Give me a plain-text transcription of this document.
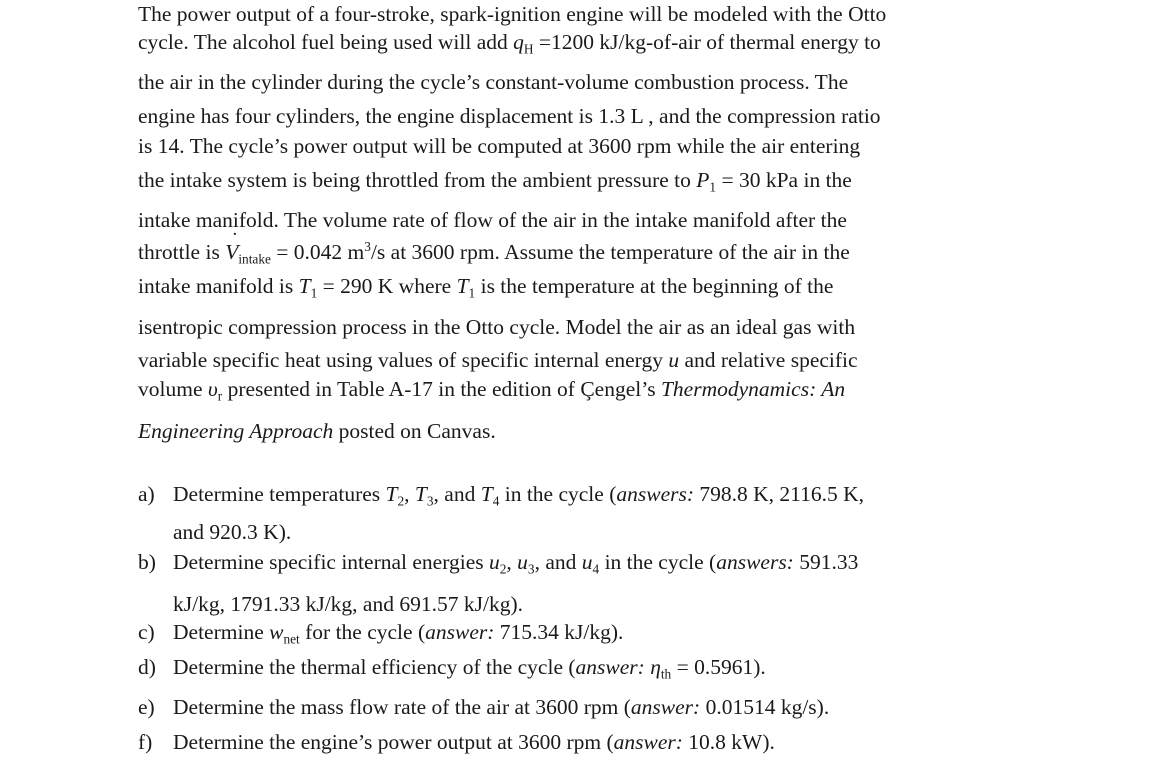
The power output of a four-stroke, spark-ignition engine will be modeled with the Otto
cycle. The alcohol fuel being used will add $q_H =1200$ kJ/kg-of-air of thermal energy to
the air in the cylinder during the cycle’s constant-volume combustion process. The
engine has four cylinders, the engine displacement is 1.3 L , and the compression ratio
is 14. The cycle’s power output will be computed at 3600 rpm while the air entering
the intake system is being throttled from the ambient pressure to $P_1 = 30$ kPa in the
intake manifold. The volume rate of flow of the air in the intake manifold after the
throttle is V $˙_{intake} = 0.042$ $m^3/s$ at 3600 rpm. Assume the temperature of the air in the
intake manifold is $T_1 = 290$ K where $T_1$ is the temperature at the beginning of the
isentropic compression process in the Otto cycle. Model the air as an ideal gas with
variable specific heat using values of specific internal energy u and relative specific
volume $\upsilon_r$ presented in Table A-17 in the edition of Çengel’s Thermodynamics: An
Engineering Approach posted on Canvas.
a) Determine temperatures $T_2$, $T_3$, and $T_4$ in the cycle (answers: 798.8 K, 2116.5 K,
and 920.3 K).
b) Determine specific internal energies $u_2$, $u_3$, and $u_4$ in the cycle (answers: 591.33
kJ/kg, 1791.33 kJ/kg, and 691.57 kJ/kg).
c) Determine $w_{net}$ for the cycle (answer: 715.34 kJ/kg).
d) Determine the thermal efficiency of the cycle (answer: $\eta_{th} = 0.5961$).
e) Determine the mass flow rate of the air at 3600 rpm (answer: 0.01514 kg/s).
f) Determine the engine’s power output at 3600 rpm (answer: 10.8 kW).
